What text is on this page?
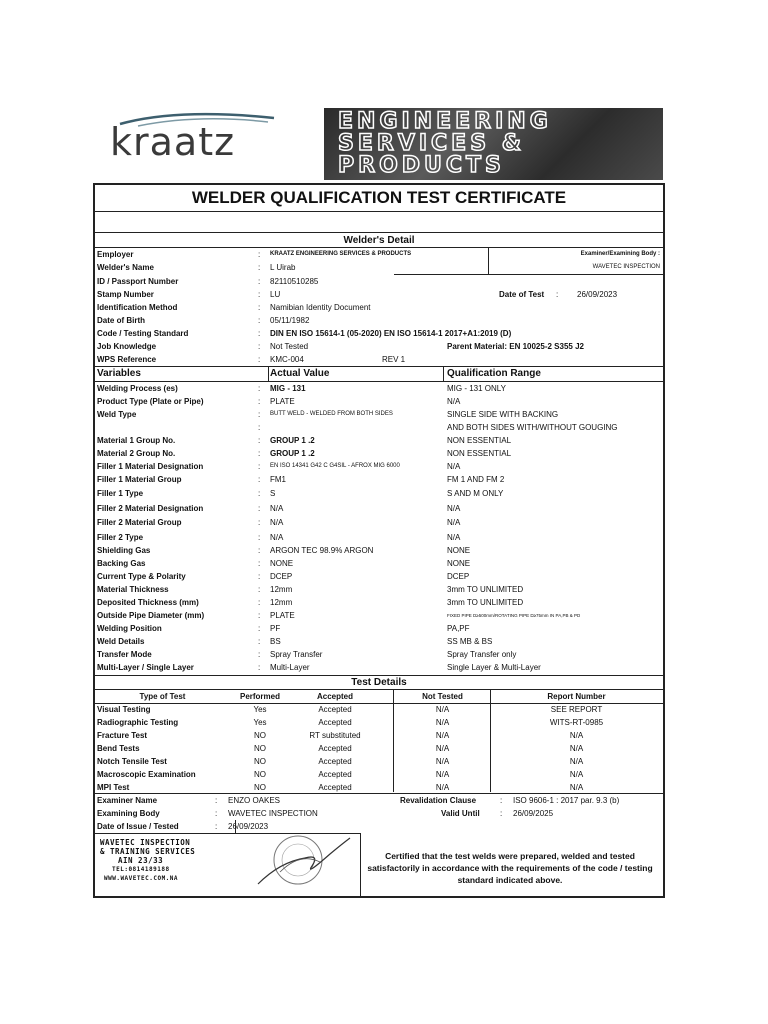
kraatz	ENGINEERING
SERVICES &
PRODUCTS
WELDER QUALIFICATION TEST CERTIFICATE
Welder's Detail
Employer	: KRAATZ ENGINEERING SERVICES & PRODUCTS	Examiner/Examining Body :
Welder's Name	: L Uirab	WAVETEC INSPECTION
ID / Passport Number	: 82110510285
Stamp Number	: LU	Date of Test : 26/09/2023
Identification Method	: Namibian Identity Document
Date of Birth	: 05/11/1982
Code / Testing Standard	: DIN EN ISO 15614-1 (05-2020) EN ISO 15614-1 2017+A1:2019 (D)
Job Knowledge	: Not Tested	Parent Material: EN 10025-2 S355 J2
WPS Reference	: KMC-004	REV 1
Variables	Actual Value	Qualification Range
Welding Process (es)	: MIG - 131	MIG - 131 ONLY
Product Type (Plate or Pipe)	: PLATE	N/A
Weld Type	: BUTT WELD - WELDED FROM BOTH SIDES	SINGLE SIDE WITH BACKING
:	AND BOTH SIDES WITH/WITHOUT GOUGING
Material 1 Group No.	: GROUP 1 .2	NON ESSENTIAL
Material 2 Group No.	: GROUP 1 .2	NON ESSENTIAL
Filler 1 Material Designation	: EN ISO 14341 G42 C G4SIL - AFROX MIG 6000	N/A
Filler 1 Material Group	: FM1	FM 1 AND FM 2
Filler 1 Type	: S	S AND M ONLY
Filler 2 Material Designation	: N/A	N/A
Filler 2 Material Group	: N/A	N/A
Filler 2 Type	: N/A	N/A
Shielding Gas	: ARGON TEC 98.9% ARGON	NONE
Backing Gas	: NONE	NONE
Current Type & Polarity	: DCEP	DCEP
Material Thickness	: 12mm	3mm TO UNLIMITED
Deposited Thickness (mm)	: 12mm	3mm TO UNLIMITED
Outside Pipe Diameter (mm)	: PLATE	FIXED PIPE D≥500mm/ROTATING PIPE D≥75mm IN PA,PB & PD
Welding Position	: PF	PA,PF
Weld Details	: BS	SS MB & BS
Transfer Mode	: Spray Transfer	Spray Transfer only
Multi-Layer / Single Layer	: Multi-Layer	Single Layer & Multi-Layer
Test Details
Type of Test	Performed	Accepted	Not Tested	Report Number
Visual Testing	Yes	Accepted	N/A	SEE REPORT
Radiographic Testing	Yes	Accepted	N/A	WITS-RT-0985
Fracture Test	NO	RT substituted	N/A	N/A
Bend Tests	NO	Accepted	N/A	N/A
Notch Tensile Test	NO	Accepted	N/A	N/A
Macroscopic Examination	NO	Accepted	N/A	N/A
MPI Test	NO	Accepted	N/A	N/A
Examiner Name	: ENZO OAKES	Revalidation Clause	: ISO 9606-1 : 2017 par. 9.3 (b)
Examining Body	: WAVETEC INSPECTION	Valid Until	: 26/09/2025
Date of Issue / Tested	: 26/09/2023
WAVETEC INSPECTION
& TRAINING SERVICES
AIN 23/33
TEL:0814189188
WWW.WAVETEC.COM.NA
Certified that the test welds were prepared, welded and tested satisfactorily in accordance with the requirements of the code / testing standard indicated above.
